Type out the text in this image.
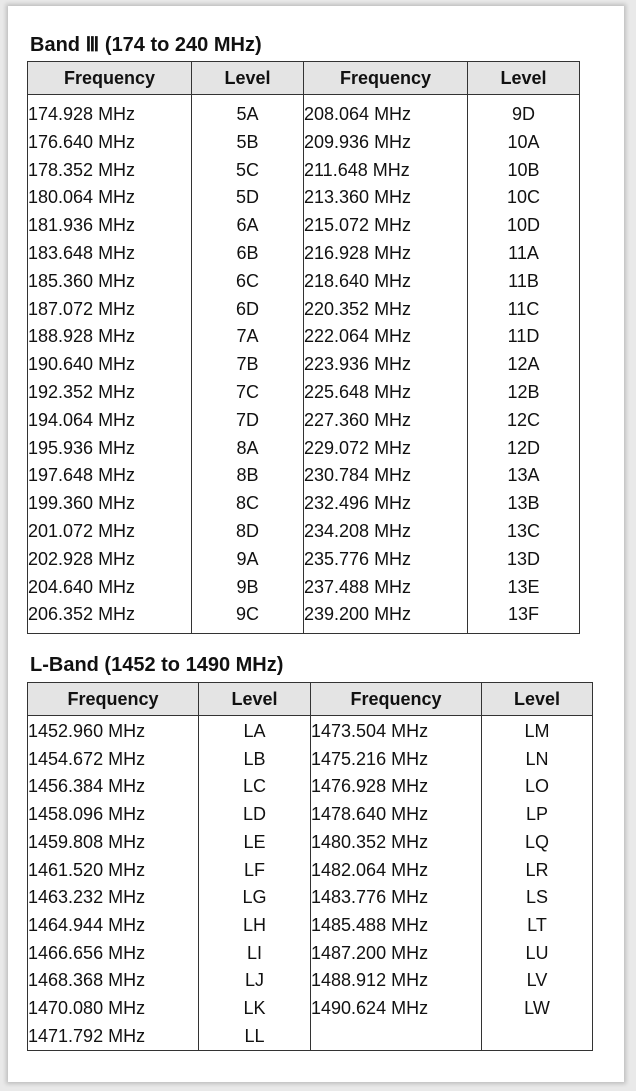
Band Ⅲ (174 to 240 MHz)
Frequency	Level	Frequency	Level
174.928 MHz	5A	208.064 MHz	9D
176.640 MHz	5B	209.936 MHz	10A
178.352 MHz	5C	211.648 MHz	10B
180.064 MHz	5D	213.360 MHz	10C
181.936 MHz	6A	215.072 MHz	10D
183.648 MHz	6B	216.928 MHz	11A
185.360 MHz	6C	218.640 MHz	11B
187.072 MHz	6D	220.352 MHz	11C
188.928 MHz	7A	222.064 MHz	11D
190.640 MHz	7B	223.936 MHz	12A
192.352 MHz	7C	225.648 MHz	12B
194.064 MHz	7D	227.360 MHz	12C
195.936 MHz	8A	229.072 MHz	12D
197.648 MHz	8B	230.784 MHz	13A
199.360 MHz	8C	232.496 MHz	13B
201.072 MHz	8D	234.208 MHz	13C
202.928 MHz	9A	235.776 MHz	13D
204.640 MHz	9B	237.488 MHz	13E
206.352 MHz	9C	239.200 MHz	13F
L-Band (1452 to 1490 MHz)
Frequency	Level	Frequency	Level
1452.960 MHz	LA	1473.504 MHz	LM
1454.672 MHz	LB	1475.216 MHz	LN
1456.384 MHz	LC	1476.928 MHz	LO
1458.096 MHz	LD	1478.640 MHz	LP
1459.808 MHz	LE	1480.352 MHz	LQ
1461.520 MHz	LF	1482.064 MHz	LR
1463.232 MHz	LG	1483.776 MHz	LS
1464.944 MHz	LH	1485.488 MHz	LT
1466.656 MHz	LI	1487.200 MHz	LU
1468.368 MHz	LJ	1488.912 MHz	LV
1470.080 MHz	LK	1490.624 MHz	LW
1471.792 MHz	LL		
